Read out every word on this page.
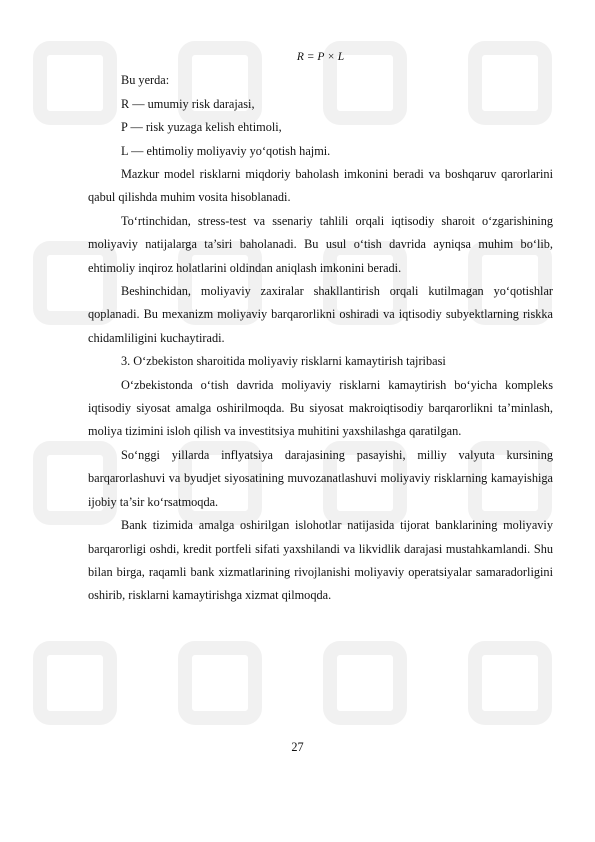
R = P × L
Bu yerda:
R — umumiy risk darajasi,
P — risk yuzaga kelish ehtimoli,
L — ehtimoliy moliyaviy yo‘qotish hajmi.

Mazkur model risklarni miqdoriy baholash imkonini beradi va boshqaruv qarorlarini qabul qilishda muhim vosita hisoblanadi.

To‘rtinchidan, stress-test va ssenariy tahlili orqali iqtisodiy sharoit o‘zgarishining moliyaviy natijalarga ta’siri baholanadi. Bu usul o‘tish davrida ayniqsa muhim bo‘lib, ehtimoliy inqiroz holatlarini oldindan aniqlash imkonini beradi.

Beshinchidan, moliyaviy zaxiralar shakllantirish orqali kutilmagan yo‘qotishlar qoplanadi. Bu mexanizm moliyaviy barqarorlikni oshiradi va iqtisodiy subyektlarning riskka chidamliligini kuchaytiradi.

3. O‘zbekiston sharoitida moliyaviy risklarni kamaytirish tajribasi

O‘zbekistonda o‘tish davrida moliyaviy risklarni kamaytirish bo‘yicha kompleks iqtisodiy siyosat amalga oshirilmoqda. Bu siyosat makroiqtisodiy barqarorlikni ta’minlash, moliya tizimini isloh qilish va investitsiya muhitini yaxshilashga qaratilgan.

So‘nggi yillarda inflyatsiya darajasining pasayishi, milliy valyuta kursining barqarorlashuvi va byudjet siyosatining muvozanatlashuvi moliyaviy risklarning kamayishiga ijobiy ta’sir ko‘rsatmoqda.

Bank tizimida amalga oshirilgan islohotlar natijasida tijorat banklarining moliyaviy barqarorligi oshdi, kredit portfeli sifati yaxshilandi va likvidlik darajasi mustahkamlandi. Shu bilan birga, raqamli bank xizmatlarining rivojlanishi moliyaviy operatsiyalar samaradorligini oshirib, risklarni kamaytirishga xizmat qilmoqda.

27
